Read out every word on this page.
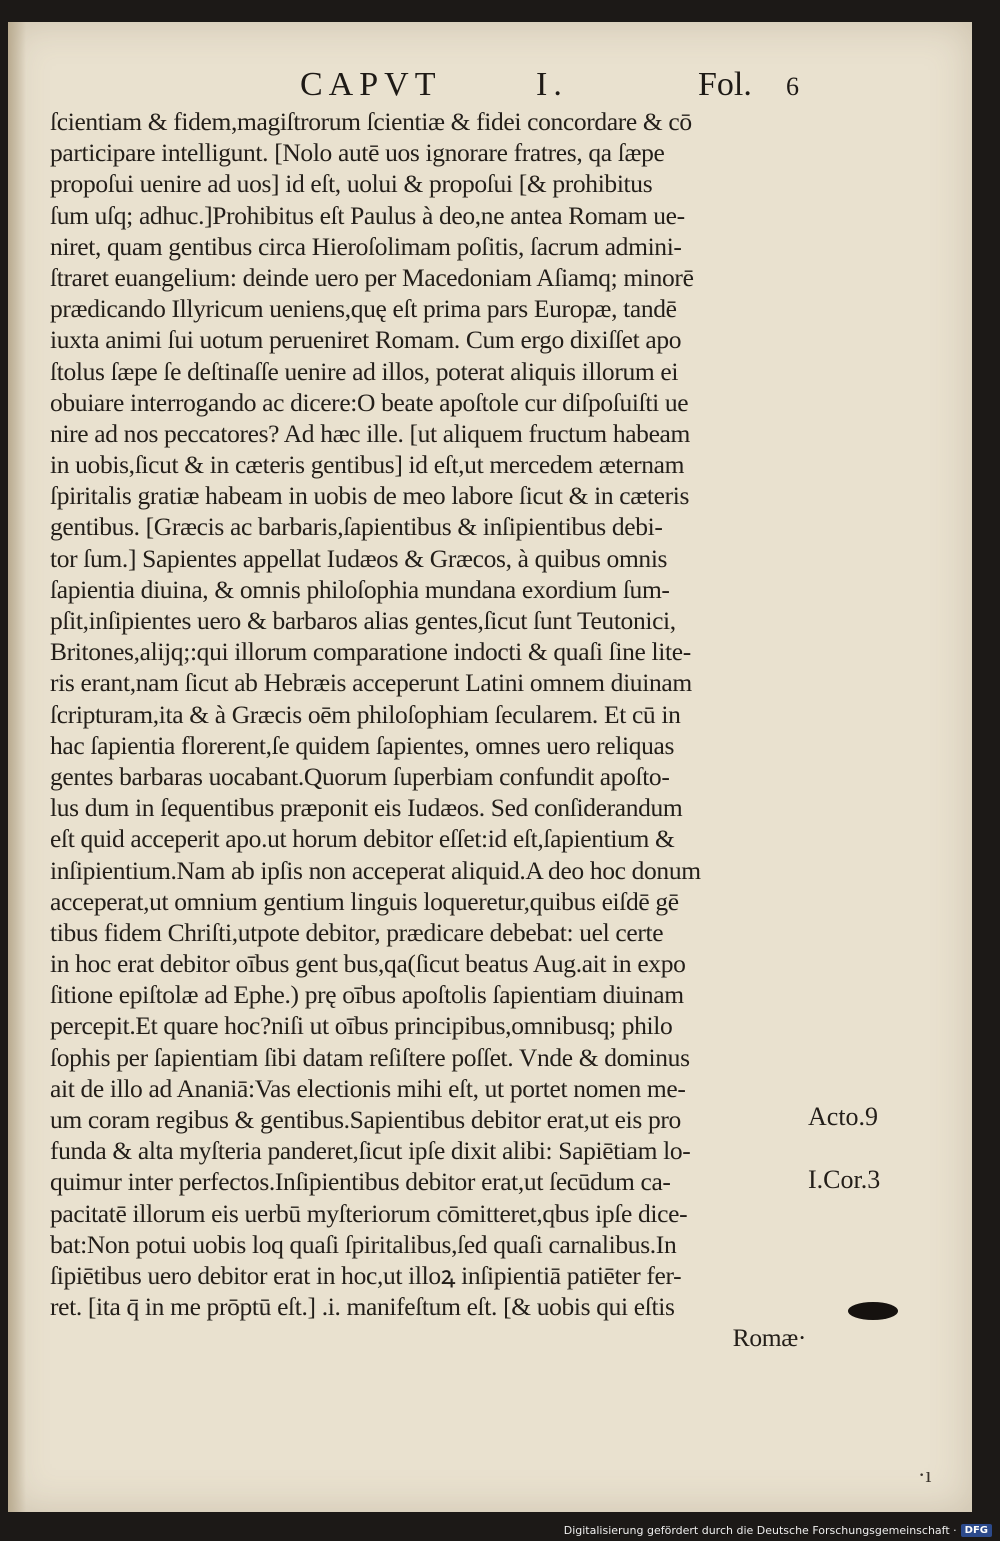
CAPVT	I.	Fol. 6
ſcientiam & fidem,magiſtrorum ſcientiæ & fidei concordare & cō
participare intelligunt. [Nolo autē uos ignorare fratres, qa ſæpe
propoſui uenire ad uos] id eſt, uolui & propoſui [& prohibitus
ſum uſq; adhuc.]Prohibitus eſt Paulus à deo,ne antea Romam ue-
niret, quam gentibus circa Hieroſolimam poſitis, ſacrum admini-
ſtraret euangelium: deinde uero per Macedoniam Aſiamq; minorē
prædicando Illyricum ueniens,quę eſt prima pars Europæ, tandē
iuxta animi ſui uotum perueniret Romam. Cum ergo dixiſſet apo
ſtolus ſæpe ſe deſtinaſſe uenire ad illos, poterat aliquis illorum ei
obuiare interrogando ac dicere:O beate apoſtole cur diſpoſuiſti ue
nire ad nos peccatores? Ad hæc ille. [ut aliquem fructum habeam
in uobis,ſicut & in cæteris gentibus] id eſt,ut mercedem æternam
ſpiritalis gratiæ habeam in uobis de meo labore ſicut & in cæteris
gentibus. [Græcis ac barbaris,ſapientibus & inſipientibus debi-
tor ſum.] Sapientes appellat Iudæos & Græcos, à quibus omnis
ſapientia diuina, & omnis philoſophia mundana exordium ſum-
pſit,inſipientes uero & barbaros alias gentes,ſicut ſunt Teutonici,
Britones,alijq;:qui illorum comparatione indocti & quaſi ſine lite-
ris erant,nam ſicut ab Hebræis acceperunt Latini omnem diuinam
ſcripturam,ita & à Græcis oēm philoſophiam ſecularem. Et cū in
hac ſapientia florerent,ſe quidem ſapientes, omnes uero reliquas
gentes barbaras uocabant.Quorum ſuperbiam confundit apoſto-
lus dum in ſequentibus præponit eis Iudæos. Sed conſiderandum
eſt quid acceperit apo.ut horum debitor eſſet:id eſt,ſapientium &
inſipientium.Nam ab ipſis non acceperat aliquid.A deo hoc donum
acceperat,ut omnium gentium linguis loqueretur,quibus eiſdē gē
tibus fidem Chriſti,utpote debitor, prædicare debebat: uel certe
in hoc erat debitor oībus gent bus,qa(ſicut beatus Aug.ait in expo
ſitione epiſtolæ ad Ephe.) prę oībus apoſtolis ſapientiam diuinam
percepit.Et quare hoc?niſi ut oībus principibus,omnibusq; philo
ſophis per ſapientiam ſibi datam reſiſtere poſſet. Vnde & dominus
ait de illo ad Ananiā:Vas electionis mihi eſt, ut portet nomen me-
um coram regibus & gentibus.Sapientibus debitor erat,ut eis pro
funda & alta myſteria panderet,ſicut ipſe dixit alibi: Sapiētiam lo-
quimur inter perfectos.Inſipientibus debitor erat,ut ſecūdum ca-
pacitatē illorum eis uerbū myſteriorum cōmitteret,qbus ipſe dice-
bat:Non potui uobis loq quaſi ſpiritalibus,ſed quaſi carnalibus.In
ſipiētibus uero debitor erat in hoc,ut illoꝝ inſipientiā patiēter fer-
ret. [ita q̄ in me prōptū eſt.] .i. manifeſtum eſt. [& uobis qui eſtis
Romæ·
·ı
Digitalisierung gefördert durch die Deutsche Forschungsgemeinschaft · DFG
Acto.9
I.Cor.3
